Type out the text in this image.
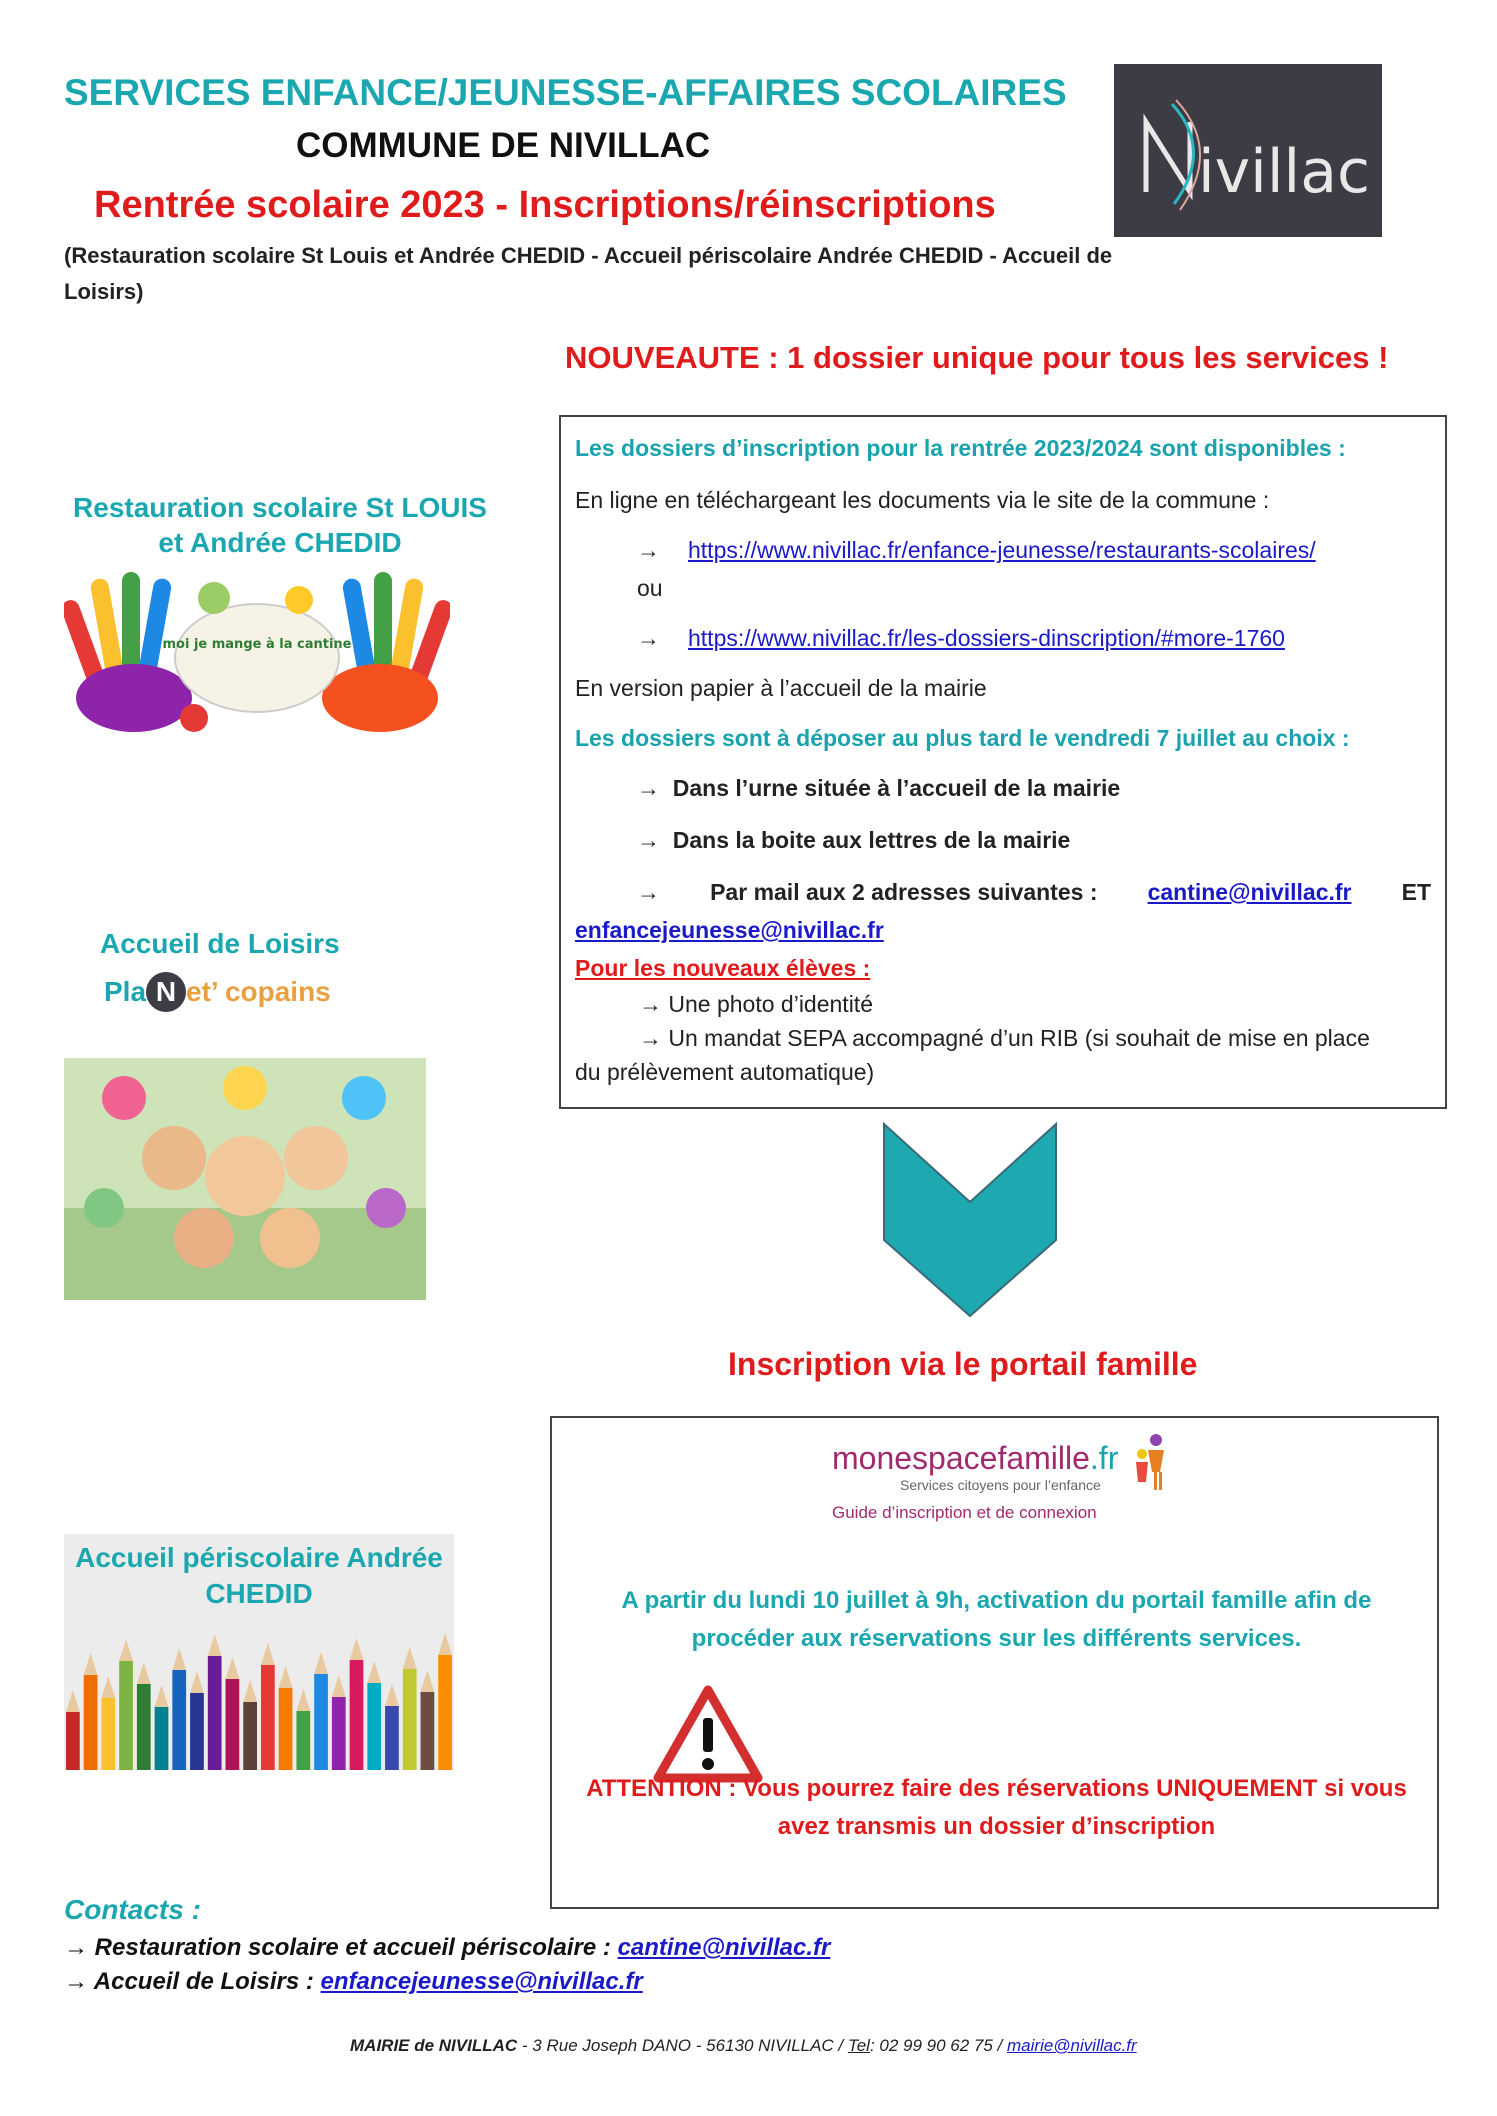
SERVICES ENFANCE/JEUNESSE-AFFAIRES SCOLAIRES
COMMUNE DE NIVILLAC
Rentrée scolaire 2023 - Inscriptions/réinscriptions
(Restauration scolaire St Louis et Andrée CHEDID - Accueil périscolaire Andrée CHEDID - Accueil de Loisirs)
ivillac
NOUVEAUTE : 1 dossier unique pour tous les services !

Les dossiers d’inscription pour la rentrée 2023/2024 sont disponibles :

En ligne en téléchargeant les documents via le site de la commune :

→ https://www.nivillac.fr/enfance-jeunesse/restaurants-scolaires/

ou

→ https://www.nivillac.fr/les-dossiers-dinscription/#more-1760

En version papier à l’accueil de la mairie

Les dossiers sont à déposer au plus tard le vendredi 7 juillet au choix :

→ Dans l’urne située à l’accueil de la mairie

→ Dans la boite aux lettres de la mairie

→ Par mail aux 2 adresses suivantes : cantine@nivillac.fr ET

enfancejeunesse@nivillac.fr

Pour les nouveaux élèves :

→ Une photo d’identité

→ Un mandat SEPA accompagné d’un RIB (si souhait de mise en place

du prélèvement automatique)

Restauration scolaire St LOUIS et Andrée CHEDID
moi je mange à la cantine
Accueil de Loisirs
Pla N et’ copains
Accueil périscolaire Andrée CHEDID
Inscription via le portail famille
monespacefamille.fr
Services citoyens pour l’enfance
Guide d’inscription et de connexion
A partir du lundi 10 juillet à 9h, activation du portail famille afin de procéder aux réservations sur les différents services.
ATTENTION : Vous pourrez faire des réservations UNIQUEMENT si vous avez transmis un dossier d’inscription
Contacts :
→ Restauration scolaire et accueil périscolaire : cantine@nivillac.fr
→ Accueil de Loisirs : enfancejeunesse@nivillac.fr
MAIRIE de NIVILLAC - 3 Rue Joseph DANO - 56130 NIVILLAC / Tel: 02 99 90 62 75 / mairie@nivillac.fr
